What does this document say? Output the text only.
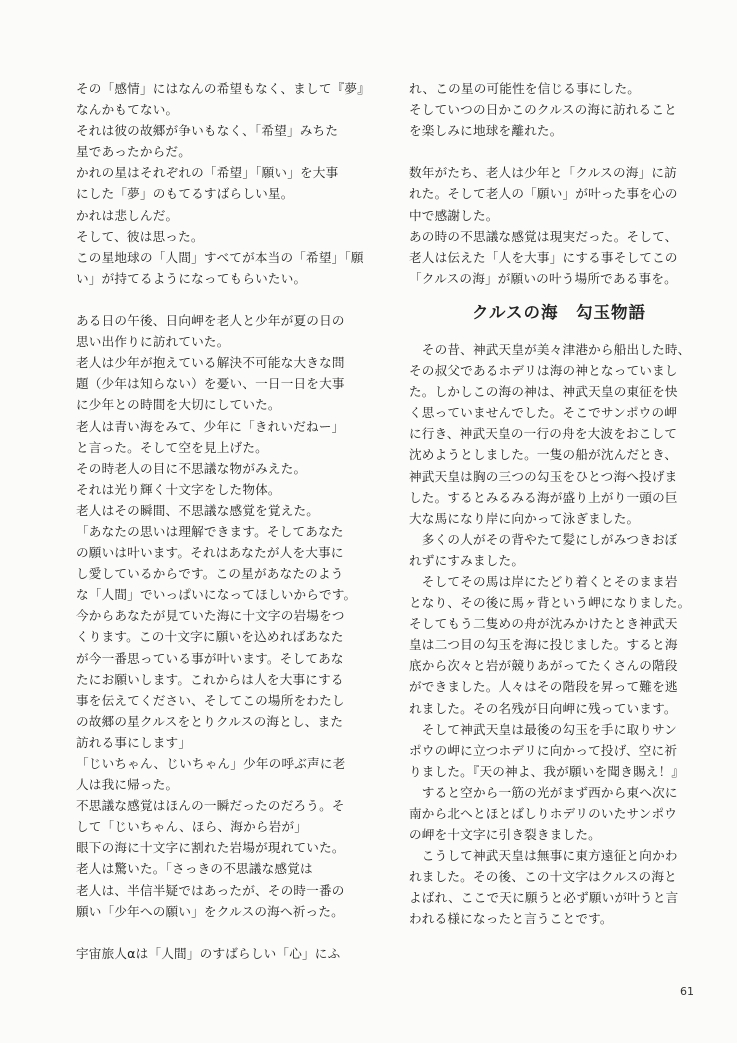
その「感情」にはなんの希望もなく、まして『夢』
なんかもてない。
それは彼の故郷が争いもなく、「希望」みちた
星であったからだ。
かれの星はそれぞれの「希望」「願い」を大事
にした「夢」のもてるすばらしい星。
かれは悲しんだ。
そして、彼は思った。
この星地球の「人間」すべてが本当の「希望」「願
い」が持てるようになってもらいたい。
ある日の午後、日向岬を老人と少年が夏の日の
思い出作りに訪れていた。
老人は少年が抱えている解決不可能な大きな問
題（少年は知らない）を憂い、一日一日を大事
に少年との時間を大切にしていた。
老人は青い海をみて、少年に「きれいだねー」
と言った。そして空を見上げた。
その時老人の目に不思議な物がみえた。
それは光り輝く十文字をした物体。
老人はその瞬間、不思議な感覚を覚えた。
「あなたの思いは理解できます。そしてあなた
の願いは叶います。それはあなたが人を大事に
し愛しているからです。この星があなたのよう
な「人間」でいっぱいになってほしいからです。
今からあなたが見ていた海に十文字の岩場をつ
くります。この十文字に願いを込めればあなた
が今一番思っている事が叶います。そしてあな
たにお願いします。これからは人を大事にする
事を伝えてください、そしてこの場所をわたし
の故郷の星クルスをとりクルスの海とし、また
訪れる事にします」
「じいちゃん、じいちゃん」少年の呼ぶ声に老
人は我に帰った。
不思議な感覚はほんの一瞬だったのだろう。そ
して「じいちゃん、ほら、海から岩が」
眼下の海に十文字に割れた岩場が現れていた。
老人は驚いた。「さっきの不思議な感覚は
老人は、半信半疑ではあったが、その時一番の
願い「少年への願い」をクルスの海へ祈った。
宇宙旅人αは「人間」のすばらしい「心」にふ
れ、この星の可能性を信じる事にした。
そしていつの日かこのクルスの海に訪れること
を楽しみに地球を離れた。
数年がたち、老人は少年と「クルスの海」に訪
れた。そして老人の「願い」が叶った事を心の
中で感謝した。
あの時の不思議な感覚は現実だった。そして、
老人は伝えた「人を大事」にする事そしてこの
「クルスの海」が願いの叶う場所である事を。
クルスの海　勾玉物語
　その昔、神武天皇が美々津港から船出した時、
その叔父であるホデリは海の神となっていまし
た。しかしこの海の神は、神武天皇の東征を快
く思っていませんでした。そこでサンポウの岬
に行き、神武天皇の一行の舟を大波をおこして
沈めようとしました。一隻の船が沈んだとき、
神武天皇は胸の三つの勾玉をひとつ海へ投げま
した。するとみるみる海が盛り上がり一頭の巨
大な馬になり岸に向かって泳ぎました。
　多くの人がその背やたて髪にしがみつきおぼ
れずにすみました。
　そしてその馬は岸にたどり着くとそのまま岩
となり、その後に馬ヶ背という岬になりました。
そしてもう二隻めの舟が沈みかけたとき神武天
皇は二つ目の勾玉を海に投じました。すると海
底から次々と岩が競りあがってたくさんの階段
ができました。人々はその階段を昇って難を逃
れました。その名残が日向岬に残っています。
　そして神武天皇は最後の勾玉を手に取りサン
ポウの岬に立つホデリに向かって投げ、空に祈
りました。『天の神よ、我が願いを聞き賜え！』
　すると空から一筋の光がまず西から東へ次に
南から北へとほとばしりホデリのいたサンポウ
の岬を十文字に引き裂きました。
　こうして神武天皇は無事に東方遠征と向かわ
れました。その後、この十文字はクルスの海と
よばれ、ここで天に願うと必ず願いが叶うと言
われる様になったと言うことです。
61
